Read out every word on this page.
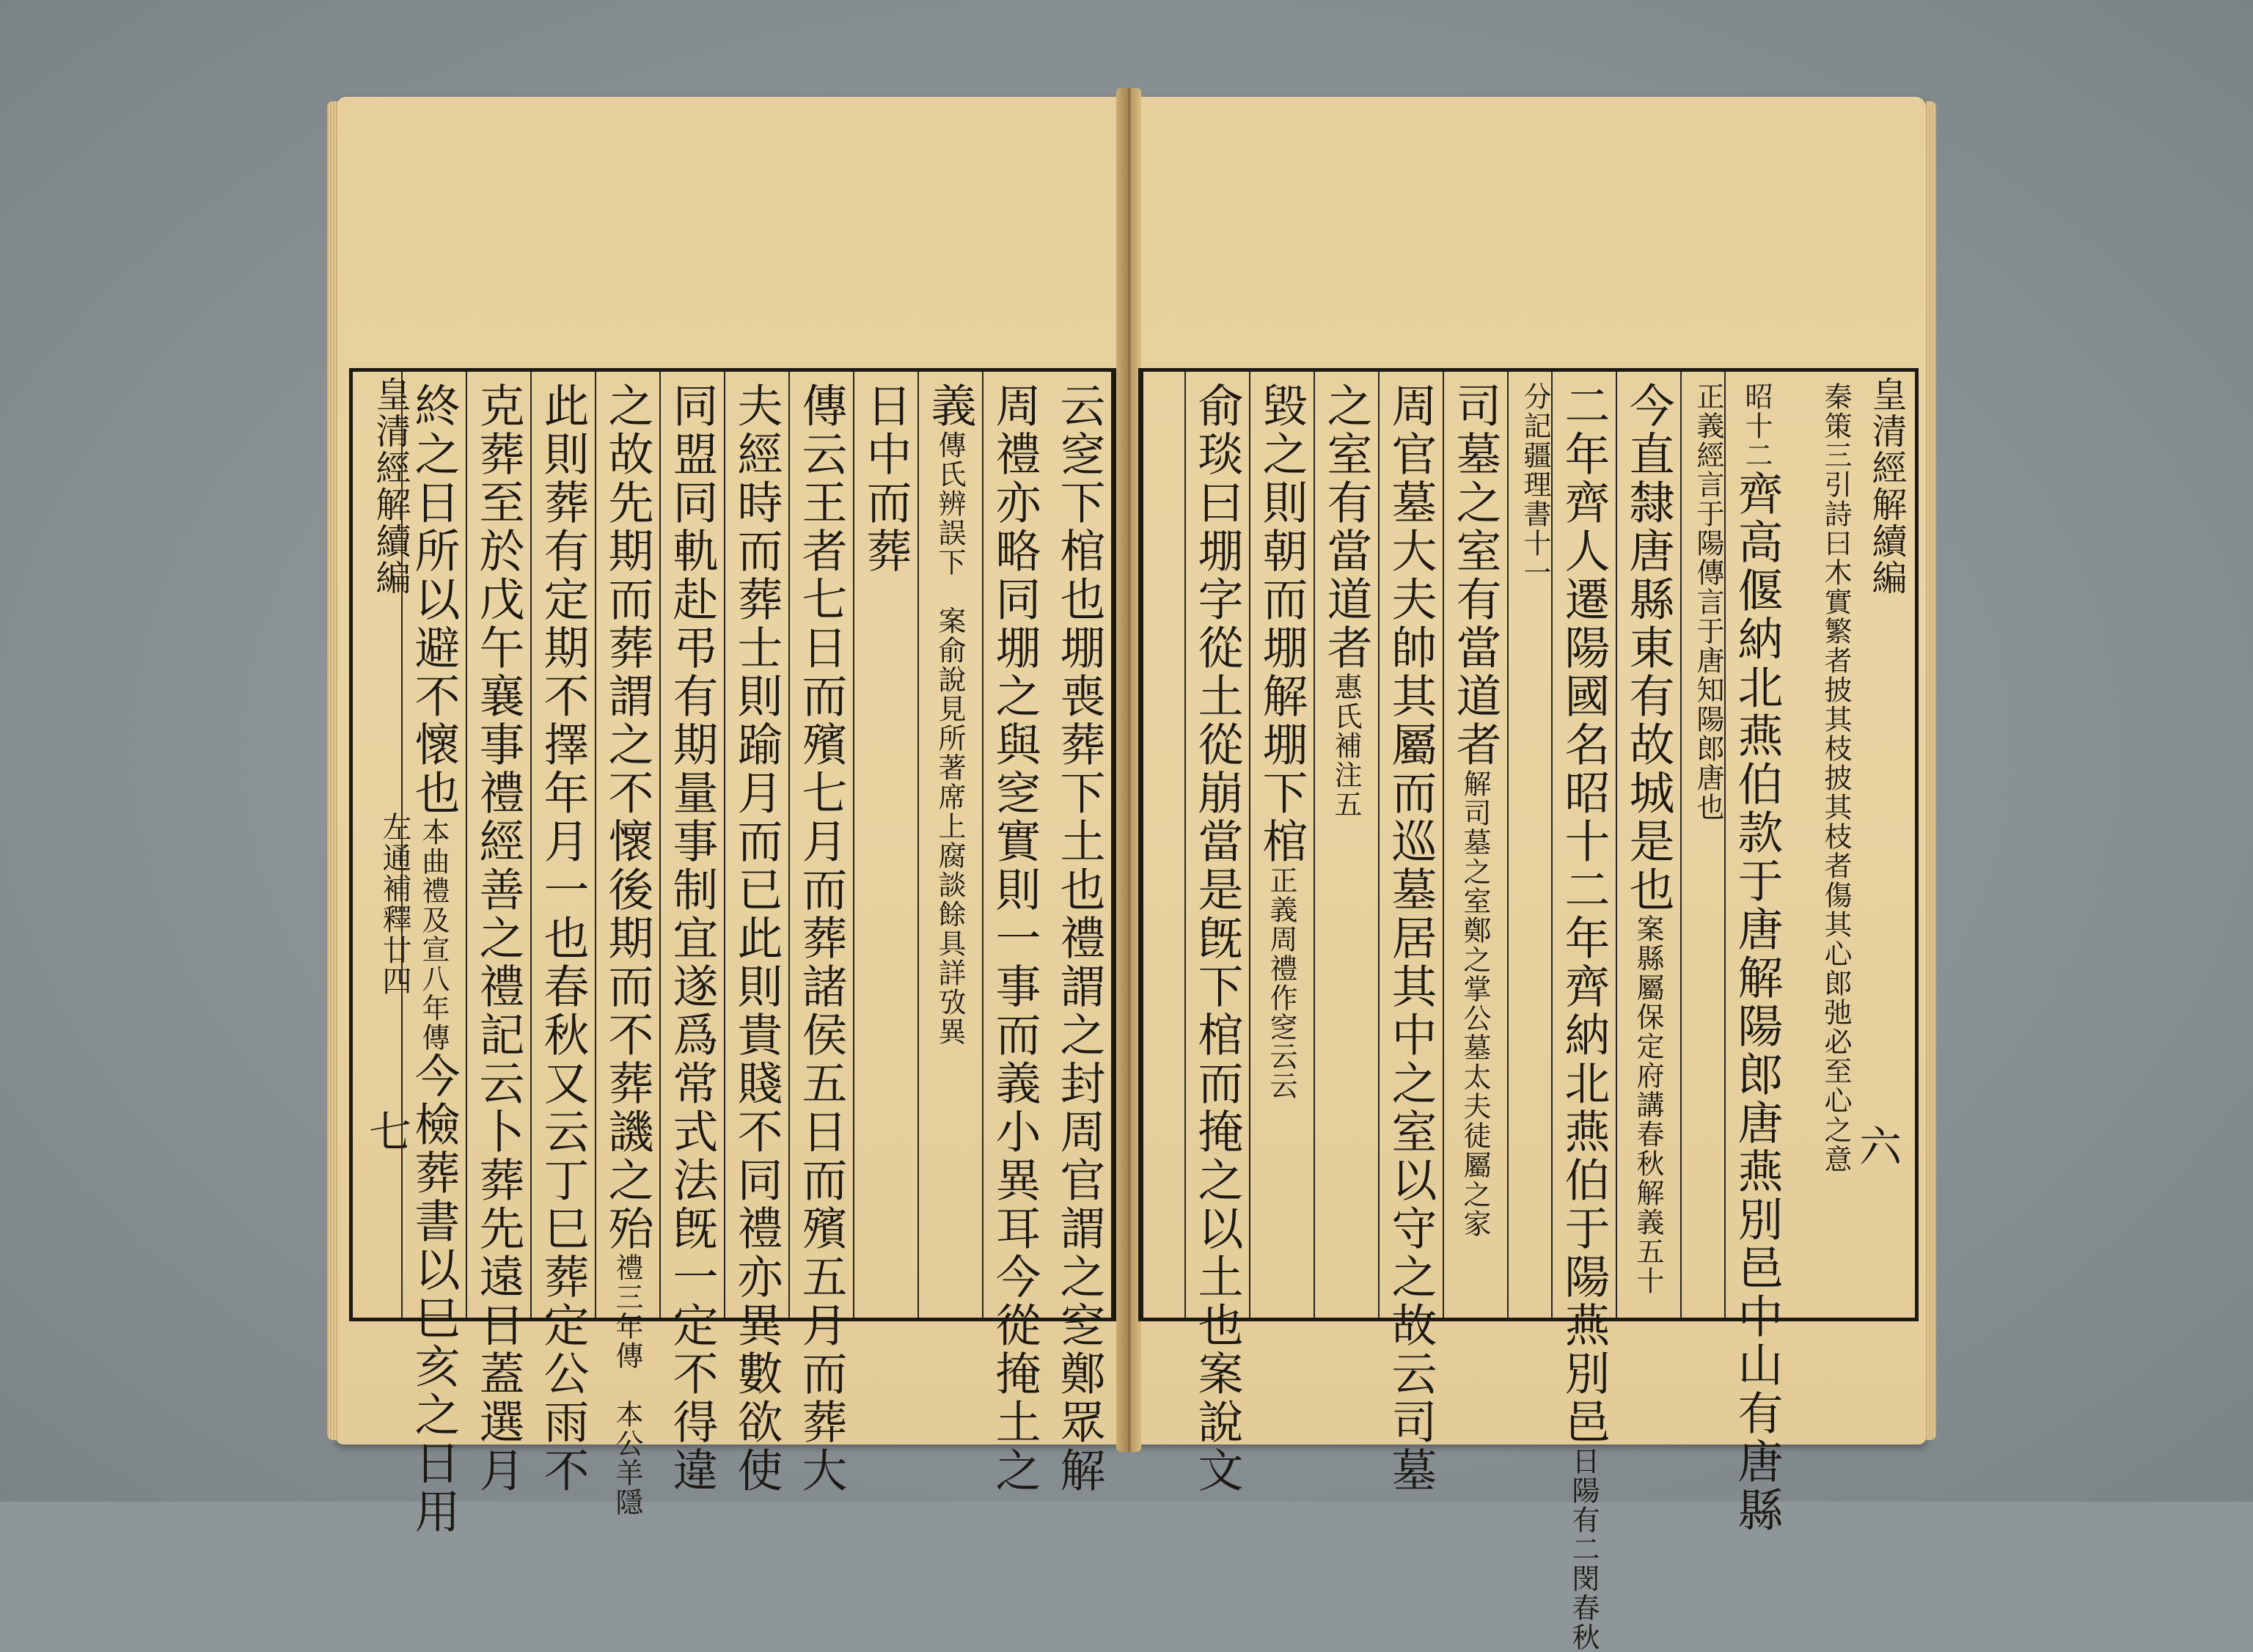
皇清經解續編
左通補釋廿四
七	云窆下棺也堋喪葬下土也禮謂之封周官謂之窆鄭眾解
周禮亦略同堋之與窆實則一事而義小異耳今從掩土之
義傳氏辨誤下　案俞說見所著席上腐談餘具詳攷異
日中而葬
傳云王者七日而殯七月而葬諸侯五日而殯五月而葬大
夫經時而葬士則踰月而已此則貴賤不同禮亦異數欲使
同盟同軌赴弔有期量事制宜遂爲常式法旣一定不得違
之故先期而葬謂之不懷後期而不葬譏之殆禮三年傳　本公羊隱
此則葬有定期不擇年月一也春秋又云丁巳葬定公雨不
克葬至於戊午襄事禮經善之禮記云卜葬先遠日蓋選月
終之日所以避不懷也本曲禮及宣八年傳今檢葬書以巳亥之日用
皇清經解續編
六
秦策三引詩曰木實繁者披其枝披其枝者傷其心郎弛必至心之意
昭十二齊高偃納北燕伯款于唐解陽郎唐燕別邑中山有唐縣
正義經言于陽傳言于唐知陽郎唐也
今直隸唐縣東有故城是也案縣屬保定府講春秋解義五十
二年齊人遷陽國名昭十二年齊納北燕伯于陽燕別邑日陽有二閔春秋
分記疆理書十一
司墓之室有當道者解司墓之室鄭之掌公墓太夫徒屬之家
周官墓大夫帥其屬而巡墓居其中之室以守之故云司墓
之室有當道者惠氏補注五
毀之則朝而堋解堋下棺正義周禮作窆云云
俞琰曰堋字從土從崩當是旣下棺而掩之以土也案說文
